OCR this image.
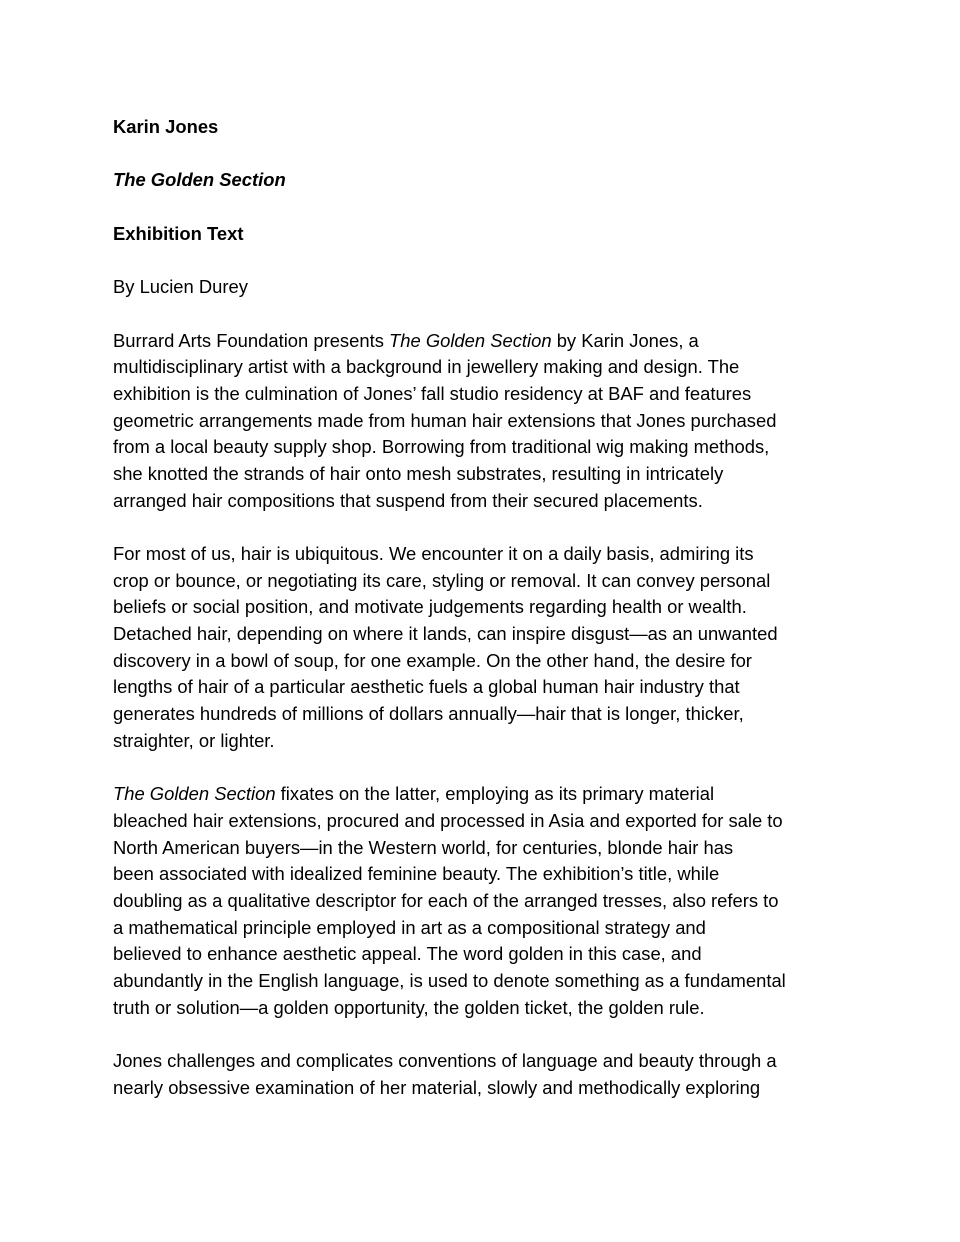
Karin Jones
The Golden Section
Exhibition Text
By Lucien Durey
Burrard Arts Foundation presents The Golden Section by Karin Jones, a
multidisciplinary artist with a background in jewellery making and design. The
exhibition is the culmination of Jones’ fall studio residency at BAF and features
geometric arrangements made from human hair extensions that Jones purchased
from a local beauty supply shop. Borrowing from traditional wig making methods,
she knotted the strands of hair onto mesh substrates, resulting in intricately
arranged hair compositions that suspend from their secured placements.
For most of us, hair is ubiquitous. We encounter it on a daily basis, admiring its
crop or bounce, or negotiating its care, styling or removal. It can convey personal
beliefs or social position, and motivate judgements regarding health or wealth.
Detached hair, depending on where it lands, can inspire disgust—as an unwanted
discovery in a bowl of soup, for one example. On the other hand, the desire for
lengths of hair of a particular aesthetic fuels a global human hair industry that
generates hundreds of millions of dollars annually—hair that is longer, thicker,
straighter, or lighter.
The Golden Section fixates on the latter, employing as its primary material
bleached hair extensions, procured and processed in Asia and exported for sale to
North American buyers—in the Western world, for centuries, blonde hair has
been associated with idealized feminine beauty. The exhibition’s title, while
doubling as a qualitative descriptor for each of the arranged tresses, also refers to
a mathematical principle employed in art as a compositional strategy and
believed to enhance aesthetic appeal. The word golden in this case, and
abundantly in the English language, is used to denote something as a fundamental
truth or solution—a golden opportunity, the golden ticket, the golden rule.
Jones challenges and complicates conventions of language and beauty through a
nearly obsessive examination of her material, slowly and methodically exploring
